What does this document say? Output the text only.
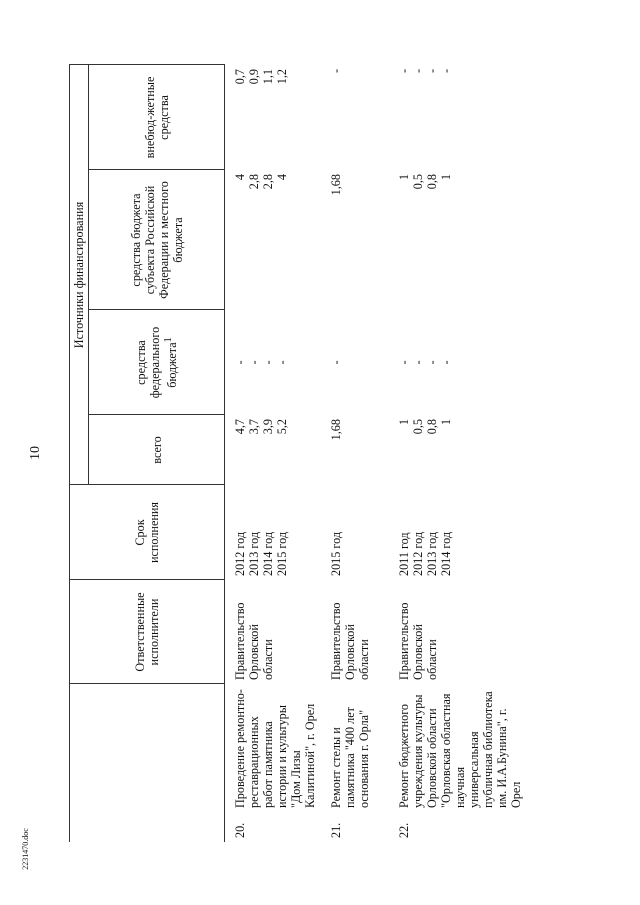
10
2231470.doc
		Ответственные исполнители	Срок исполнения	Источники финансирования			
				всего	средства федерального бюджета$^1$	средства бюджета субъекта Российской Федерации и местного бюджета	внебюд-жетные средства
20.	Проведение ремонтно-реставрационных работ памятника истории и культуры "Дом Лизы Калитиной", г. Орел	Правительство Орловской области	2012 год 2013 год 2014 год 2015 год	4,7 3,7 3,9 5,2	- - - -	4 2,8 2,8 4	0,7 0,9 1,1 1,2

21.	Ремонт стелы и памятника "400 лет основания г. Орла"	Правительство Орловской области	2015 год	1,68	-	1,68	-

22.	Ремонт бюджетного учреждения культуры Орловской области "Орловская областная научная универсальная публичная библиотека им. И.А.Бунина", г. Орел	Правительство Орловской области	2011 год 2012 год 2013 год 2014 год	1 0,5 0,8 1	- - - -	1 0,5 0,8 1	- - - -
